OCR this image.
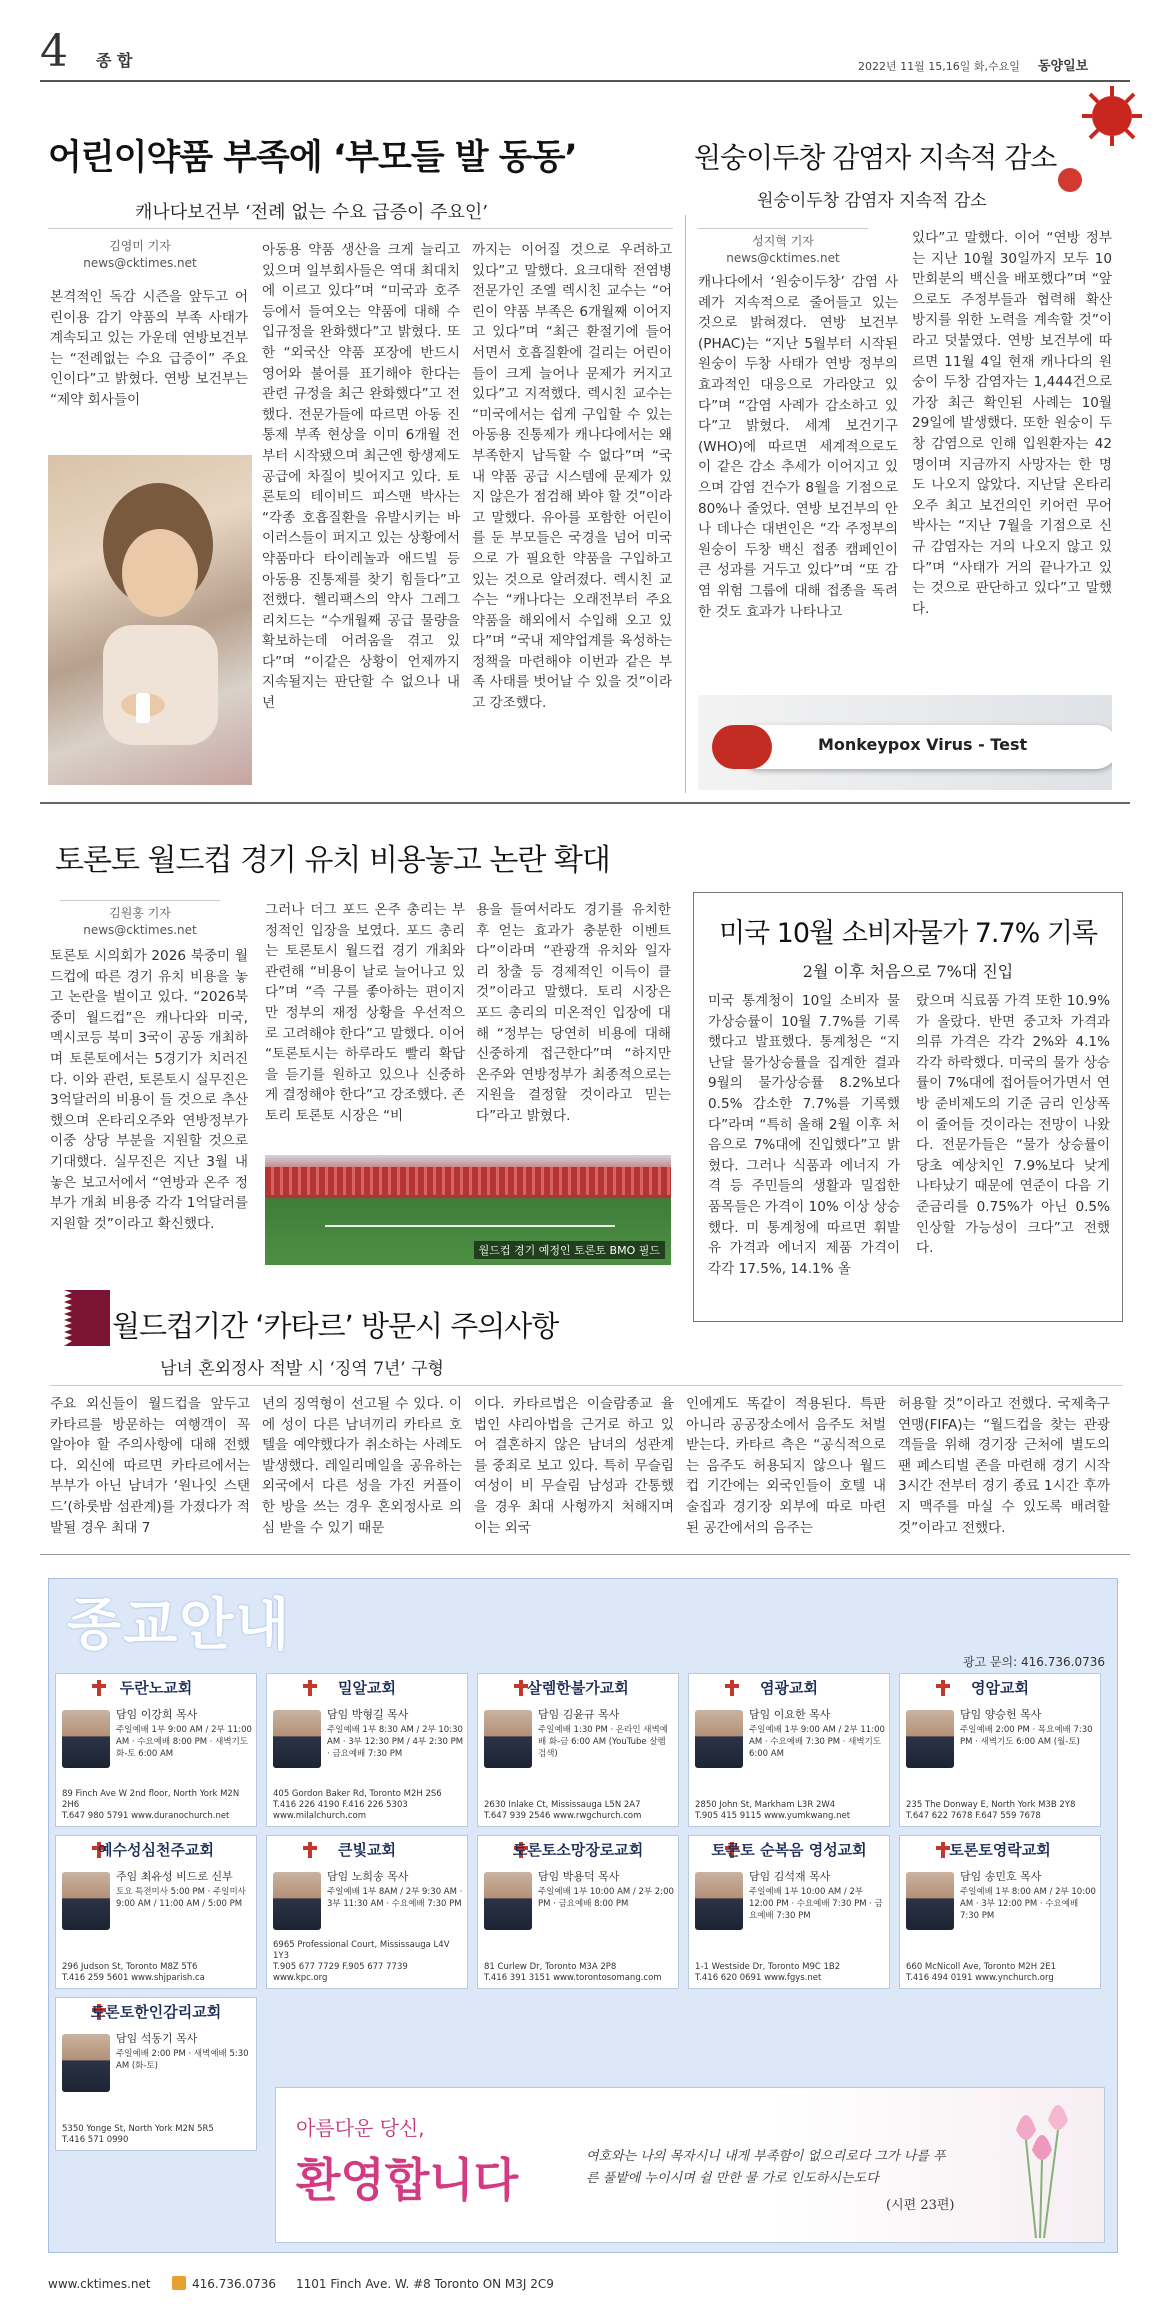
4 종 합	2022년 11월 15,16일 화,수요일 동양일보
어린이약품 부족에 ‘부모들 발 동동’
캐나다보건부 ‘전례 없는 수요 급증이 주요인’
김영미 기자
news@cktimes.net
본격적인 독감 시즌을 앞두고 어린이용 감기 약품의 부족 사태가 계속되고 있는 가운데 연방보건부는 “전례없는 수요 급증이” 주요인이다”고 밝혔다. 연방 보건부는 “제약 회사들이
아동용 약품 생산을 크게 늘리고 있으며 일부회사들은 역대 최대치에 이르고 있다”며 “미국과 호주 등에서 들여오는 약품에 대해 수입규정을 완화했다”고 밝혔다. 또한 “외국산 약품 포장에 반드시 영어와 불어를 표기해야 한다는 관련 규정을 최근 완화했다”고 전했다. 전문가들에 따르면 아동 진통제 부족 현상을 이미 6개월 전부터 시작됐으며 최근엔 항생제도 공급에 차질이 빚어지고 있다. 토론토의 테이비드 피스맨 박사는 “각종 호흡질환을 유발시키는 바이러스들이 퍼지고 있는 상황에서 약품마다 타이레놀과 애드빌 등 아동용 진통제를 찾기 힘들다”고 전했다. 헬리팩스의 약사 그레그 리치드는 “수개월째 공급 물량을 확보하는데 어려움을 겪고 있다”며 “이같은 상황이 언제까지 지속될지는 판단할 수 없으나 내년
까지는 이어질 것으로 우려하고 있다”고 말했다. 요크대학 전염병 전문가인 조엘 렉시친 교수는 “어린이 약품 부족은 6개월째 이어지고 있다”며 “최근 환절기에 들어서면서 호흡질환에 걸리는 어린이들이 크게 늘어나 문제가 커지고 있다”고 지적했다. 렉시친 교수는 “미국에서는 쉽게 구입할 수 있는 아동용 진통제가 캐나다에서는 왜 부족한지 납득할 수 없다”며 “국내 약품 공급 시스템에 문제가 있지 않은가 점검해 봐야 할 것”이라고 말했다. 유아를 포함한 어린이를 둔 부모들은 국경을 넘어 미국으로 가 필요한 약품을 구입하고 있는 것으로 알려졌다. 렉시친 교수는 “캐나다는 오래전부터 주요 약품을 해외에서 수입해 오고 있다”며 “국내 제약업계를 육성하는 정책을 마련해야 이번과 같은 부족 사태를 벗어날 수 있을 것”이라고 강조했다.
원숭이두창 감염자 지속적 감소
원숭이두창 감염자 지속적 감소
성지혁 기자
news@cktimes.net
캐나다에서 ‘원숭이두창’ 감염 사례가 지속적으로 줄어들고 있는 것으로 밝혀졌다. 연방 보건부(PHAC)는 “지난 5월부터 시작된 원숭이 두창 사태가 연방 정부의 효과적인 대응으로 가라앉고 있다”며 “감염 사례가 감소하고 있다”고 밝혔다. 세계 보건기구(WHO)에 따르면 세계적으로도 이 같은 감소 추세가 이어지고 있으며 감염 건수가 8월을 기점으로 80%나 줄었다. 연방 보건부의 안나 데나슨 대변인은 “각 주정부의 원숭이 두창 백신 접종 캠페인이 큰 성과를 거두고 있다”며 “또 감염 위험 그룹에 대해 접종을 독려한 것도 효과가 나타나고
있다”고 말했다. 이어 “연방 정부는 지난 10월 30일까지 모두 10만회분의 백신을 배포했다”며 “앞으로도 주정부들과 협력해 확산 방지를 위한 노력을 계속할 것”이라고 덧붙였다. 연방 보건부에 따르면 11월 4일 현재 캐나다의 원숭이 두창 감염자는 1,444건으로 가장 최근 확인된 사례는 10월 29일에 발생했다. 또한 원숭이 두창 감염으로 인해 입원환자는 42명이며 지금까지 사망자는 한 명도 나오지 않았다. 지난달 온타리오주 최고 보건의인 키어런 무어 박사는 “지난 7월을 기점으로 신규 감염자는 거의 나오지 않고 있다”며 “사태가 거의 끝나가고 있는 것으로 판단하고 있다”고 말했다.
Monkeypox Virus - Test
토론토 월드컵 경기 유치 비용놓고 논란 확대
김원홍 기자
news@cktimes.net
토론토 시의회가 2026 북중미 월드컵에 따른 경기 유치 비용을 놓고 논란을 벌이고 있다. “2026북중미 월드컵”은 캐나다와 미국, 멕시코등 북미 3국이 공동 개최하며 토론토에서는 5경기가 치러진다. 이와 관련, 토론토시 실무진은 3억달러의 비용이 들 것으로 추산했으며 온타리오주와 연방정부가 이중 상당 부분을 지원할 것으로 기대했다. 실무진은 지난 3월 내놓은 보고서에서 “연방과 온주 정부가 개최 비용중 각각 1억달러를 지원할 것”이라고 확신했다.
그러나 더그 포드 온주 총리는 부정적인 입장을 보였다. 포드 총리는 토론토시 월드컵 경기 개최와 관련해 “비용이 날로 늘어나고 있다”며 “즉 구를 좋아하는 편이지만 정부의 재정 상황을 우선적으로 고려해야 한다”고 말했다. 이어 “토론토시는 하루라도 빨리 확답을 듣기를 원하고 있으나 신중하게 결정해야 한다”고 강조했다. 존 토리 토론토 시장은 “비
용을 들여서라도 경기를 유치한 후 얻는 효과가 충분한 이벤트다”이라며 “관광객 유치와 일자리 창출 등 경제적인 이득이 클 것”이라고 말했다. 토리 시장은 포드 총리의 미온적인 입장에 대해 “정부는 당연히 비용에 대해 신중하게 접근한다”며 “하지만 온주와 연방정부가 최종적으로는 지원을 결정할 것이라고 믿는다”라고 밝혔다.
월드컵 경기 예정인 토론토 BMO 필드
미국 10월 소비자물가 7.7% 기록
2월 이후 처음으로 7%대 진입
미국 통계청이 10일 소비자 물가상승률이 10월 7.7%를 기록했다고 발표했다. 통계청은 “지난달 물가상승률을 집계한 결과 9월의 물가상승률 8.2%보다 0.5% 감소한 7.7%를 기록했다”라며 “특히 올해 2월 이후 처음으로 7%대에 진입했다”고 밝혔다. 그러나 식품과 에너지 가격 등 주민들의 생활과 밀접한 품목들은 가격이 10% 이상 상승했다. 미 통계청에 따르면 휘발유 가격과 에너지 제품 가격이 각각 17.5%, 14.1% 올
랐으며 식료품 가격 또한 10.9%가 올랐다. 반면 중고차 가격과 의류 가격은 각각 2%와 4.1% 각각 하락했다. 미국의 물가 상승률이 7%대에 접어들어가면서 연방 준비제도의 기준 금리 인상폭이 줄어들 것이라는 전망이 나왔다. 전문가들은 “물가 상승률이 당초 예상치인 7.9%보다 낮게 나타났기 때문에 연준이 다음 기준금리를 0.75%가 아닌 0.5% 인상할 가능성이 크다”고 전했다.
월드컵기간 ‘카타르’ 방문시 주의사항
남녀 혼외정사 적발 시 ‘징역 7년’ 구형
주요 외신들이 월드컵을 앞두고 카타르를 방문하는 여행객이 꼭 알아야 할 주의사항에 대해 전했다. 외신에 따르면 카타르에서는 부부가 아닌 남녀가 ‘원나잇 스탠드’(하룻밤 섬관계)를 가졌다가 적발될 경우 최대 7
년의 징역형이 선고될 수 있다. 이에 성이 다른 남녀끼리 카타르 호텔을 예약했다가 취소하는 사례도 발생했다. 레일리메일을 공유하는 외국에서 다른 성을 가진 커플이 한 방을 쓰는 경우 혼외정사로 의심 받을 수 있기 때문
이다. 카타르법은 이슬람종교 율법인 샤리아법을 근거로 하고 있어 결혼하지 않은 남녀의 성관계를 중죄로 보고 있다. 특히 무슬림 여성이 비 무슬림 남성과 간통했을 경우 최대 사형까지 처해지며 이는 외국
인에게도 똑같이 적용된다. 특판 아니라 공공장소에서 음주도 처벌받는다. 카타르 측은 “공식적으로는 음주도 허용되지 않으나 월드컵 기간에는 외국인들이 호텔 내 술집과 경기장 외부에 따로 마련된 공간에서의 음주는
허용할 것”이라고 전했다. 국제축구연맹(FIFA)는 “월드컵을 찾는 관광객들을 위해 경기장 근처에 별도의 팬 페스티벌 존을 마련해 경기 시작 3시간 전부터 경기 종료 1시간 후까지 맥주를 마실 수 있도록 배려할 것”이라고 전했다.
종교안내
광고 문의: 416.736.0736
두란노교회
담임 이강희 목사
주일예배 1부 9:00 AM / 2부 11:00 AM · 수요예배 8:00 PM · 새벽기도 화-토 6:00 AM
89 Finch Ave W 2nd floor, North York M2N 2H6
T.647 980 5791 www.duranochurch.net
밀알교회
담임 박형길 목사
주일예배 1부 8:30 AM / 2부 10:30 AM · 3부 12:30 PM / 4부 2:30 PM · 금요예배 7:30 PM
405 Gordon Baker Rd, Toronto M2H 2S6
T.416 226 4190 F.416 226 5303 www.milalchurch.com
살렘한불가교회
담임 김윤규 목사
주일예배 1:30 PM · 온라인 새벽예배 화-금 6:00 AM (YouTube 살렘 검색)
2630 Inlake Ct, Mississauga L5N 2A7
T.647 939 2546 www.rwgchurch.com
염광교회
담임 이요한 목사
주일예배 1부 9:00 AM / 2부 11:00 AM · 수요예배 7:30 PM · 새벽기도 6:00 AM
2850 John St, Markham L3R 2W4
T.905 415 9115 www.yumkwang.net
영암교회
담임 양승헌 목사
주일예배 2:00 PM · 목요예배 7:30 PM · 새벽기도 6:00 AM (월-토)
235 The Donway E, North York M3B 2Y8
T.647 622 7678 F.647 559 7678
예수성심천주교회
주임 최유성 비드로 신부
토요 특전미사 5:00 PM · 주일미사 9:00 AM / 11:00 AM / 5:00 PM
296 Judson St, Toronto M8Z 5T6
T.416 259 5601 www.shjparish.ca
큰빛교회
담임 노희송 목사
주일예배 1부 8AM / 2부 9:30 AM · 3부 11:30 AM · 수요예배 7:30 PM
6965 Professional Court, Mississauga L4V 1Y3
T.905 677 7729 F.905 677 7739 www.kpc.org
토론토소망장로교회
담임 박용덕 목사
주일예배 1부 10:00 AM / 2부 2:00 PM · 금요예배 8:00 PM
81 Curlew Dr, Toronto M3A 2P8
T.416 391 3151 www.torontosomang.com
토론토 순복음 영성교회
담임 김석재 목사
주일예배 1부 10:00 AM / 2부 12:00 PM · 수요예배 7:30 PM · 금요예배 7:30 PM
1-1 Westside Dr, Toronto M9C 1B2
T.416 620 0691 www.fgys.net
토론토영락교회
담임 송민호 목사
주일예배 1부 8:00 AM / 2부 10:00 AM · 3부 12:00 PM · 수요예배 7:30 PM
660 McNicoll Ave, Toronto M2H 2E1
T.416 494 0191 www.ynchurch.org
토론토한인감리교회
담임 석동기 목사
주일예배 2:00 PM · 새벽예배 5:30 AM (화-토)
5350 Yonge St, North York M2N 5R5
T.416 571 0990	아름다운 당신,
환영합니다	여호와는 나의 목자시니 내게 부족함이 없으리로다 그가 나를 푸른 풀밭에 누이시며 쉴 만한 물 가로 인도하시는도다
(시편 23편)
www.cktimes.net	416.736.0736 1101 Finch Ave. W. #8 Toronto ON M3J 2C9
